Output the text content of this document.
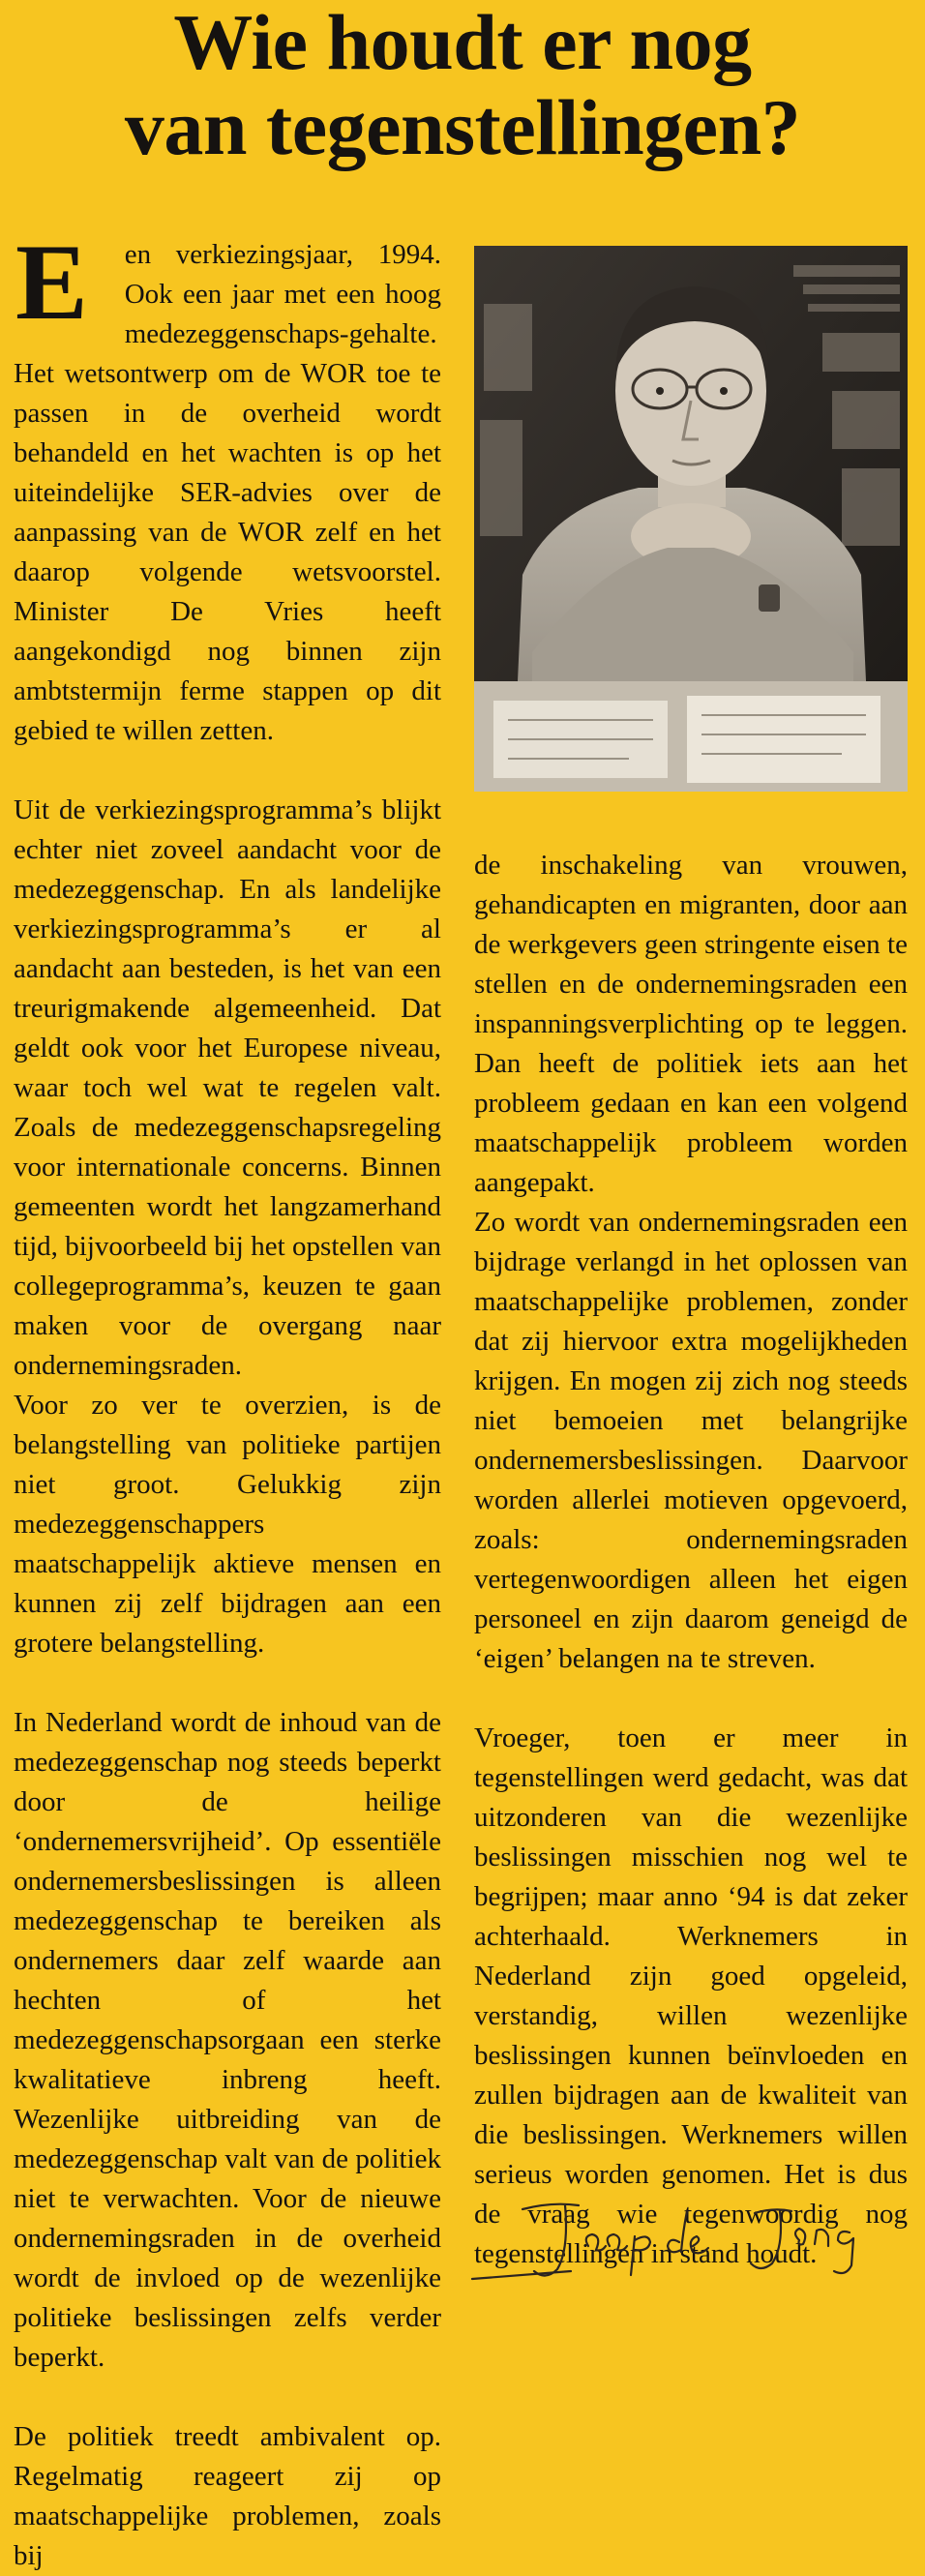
Wie houdt er nog
van tegenstellingen?

E en verkiezingsjaar, 1994. Ook een jaar met een hoog medezeggenschaps-gehalte. Het wetsontwerp om de WOR toe te passen in de overheid wordt behandeld en het wachten is op het uiteindelijke SER-advies over de aanpassing van de WOR zelf en het daarop volgende wetsvoorstel. Minister De Vries heeft aangekondigd nog binnen zijn ambtstermijn ferme stappen op dit gebied te willen zetten.

Uit de verkiezingsprogramma’s blijkt echter niet zoveel aandacht voor de medezeggenschap. En als landelijke verkiezingsprogramma’s er al aandacht aan besteden, is het van een treurigmakende algemeenheid. Dat geldt ook voor het Europese niveau, waar toch wel wat te regelen valt. Zoals de medezeggenschapsregeling voor internationale concerns. Binnen gemeenten wordt het langzamerhand tijd, bijvoorbeeld bij het opstellen van collegeprogramma’s, keuzen te gaan maken voor de overgang naar ondernemingsraden.

Voor zo ver te overzien, is de belangstelling van politieke partijen niet groot. Gelukkig zijn medezeggenschappers maatschappelijk aktieve mensen en kunnen zij zelf bijdragen aan een grotere belangstelling.

In Nederland wordt de inhoud van de medezeggenschap nog steeds beperkt door de heilige ‘ondernemersvrijheid’. Op essentiële ondernemersbeslissingen is alleen medezeggenschap te bereiken als ondernemers daar zelf waarde aan hechten of het medezeggenschapsorgaan een sterke kwalitatieve inbreng heeft. Wezenlijke uitbreiding van de medezeggenschap valt van de politiek niet te verwachten. Voor de nieuwe ondernemingsraden in de overheid wordt de invloed op de wezenlijke politieke beslissingen zelfs verder beperkt.

De politiek treedt ambivalent op. Regelmatig reageert zij op maatschappelijke problemen, zoals bij

de inschakeling van vrouwen, gehandicapten en migranten, door aan de werkgevers geen stringente eisen te stellen en de ondernemingsraden een inspanningsverplichting op te leggen. Dan heeft de politiek iets aan het probleem gedaan en kan een volgend maatschappelijk probleem worden aangepakt.

Zo wordt van ondernemingsraden een bijdrage verlangd in het oplossen van maatschappelijke problemen, zonder dat zij hiervoor extra mogelijkheden krijgen. En mogen zij zich nog steeds niet bemoeien met belangrijke ondernemersbeslissingen. Daarvoor worden allerlei motieven opgevoerd, zoals: ondernemingsraden vertegenwoordigen alleen het eigen personeel en zijn daarom geneigd de ‘eigen’ belangen na te streven.

Vroeger, toen er meer in tegenstellingen werd gedacht, was dat uitzonderen van die wezenlijke beslissingen misschien nog wel te begrijpen; maar anno ‘94 is dat zeker achterhaald. Werknemers in Nederland zijn goed opgeleid, verstandig, willen wezenlijke beslissingen kunnen beïnvloeden en zullen bijdragen aan de kwaliteit van die beslissingen. Werknemers willen serieus worden genomen. Het is dus de vraag wie tegenwoordig nog tegenstellingen in stand houdt.
